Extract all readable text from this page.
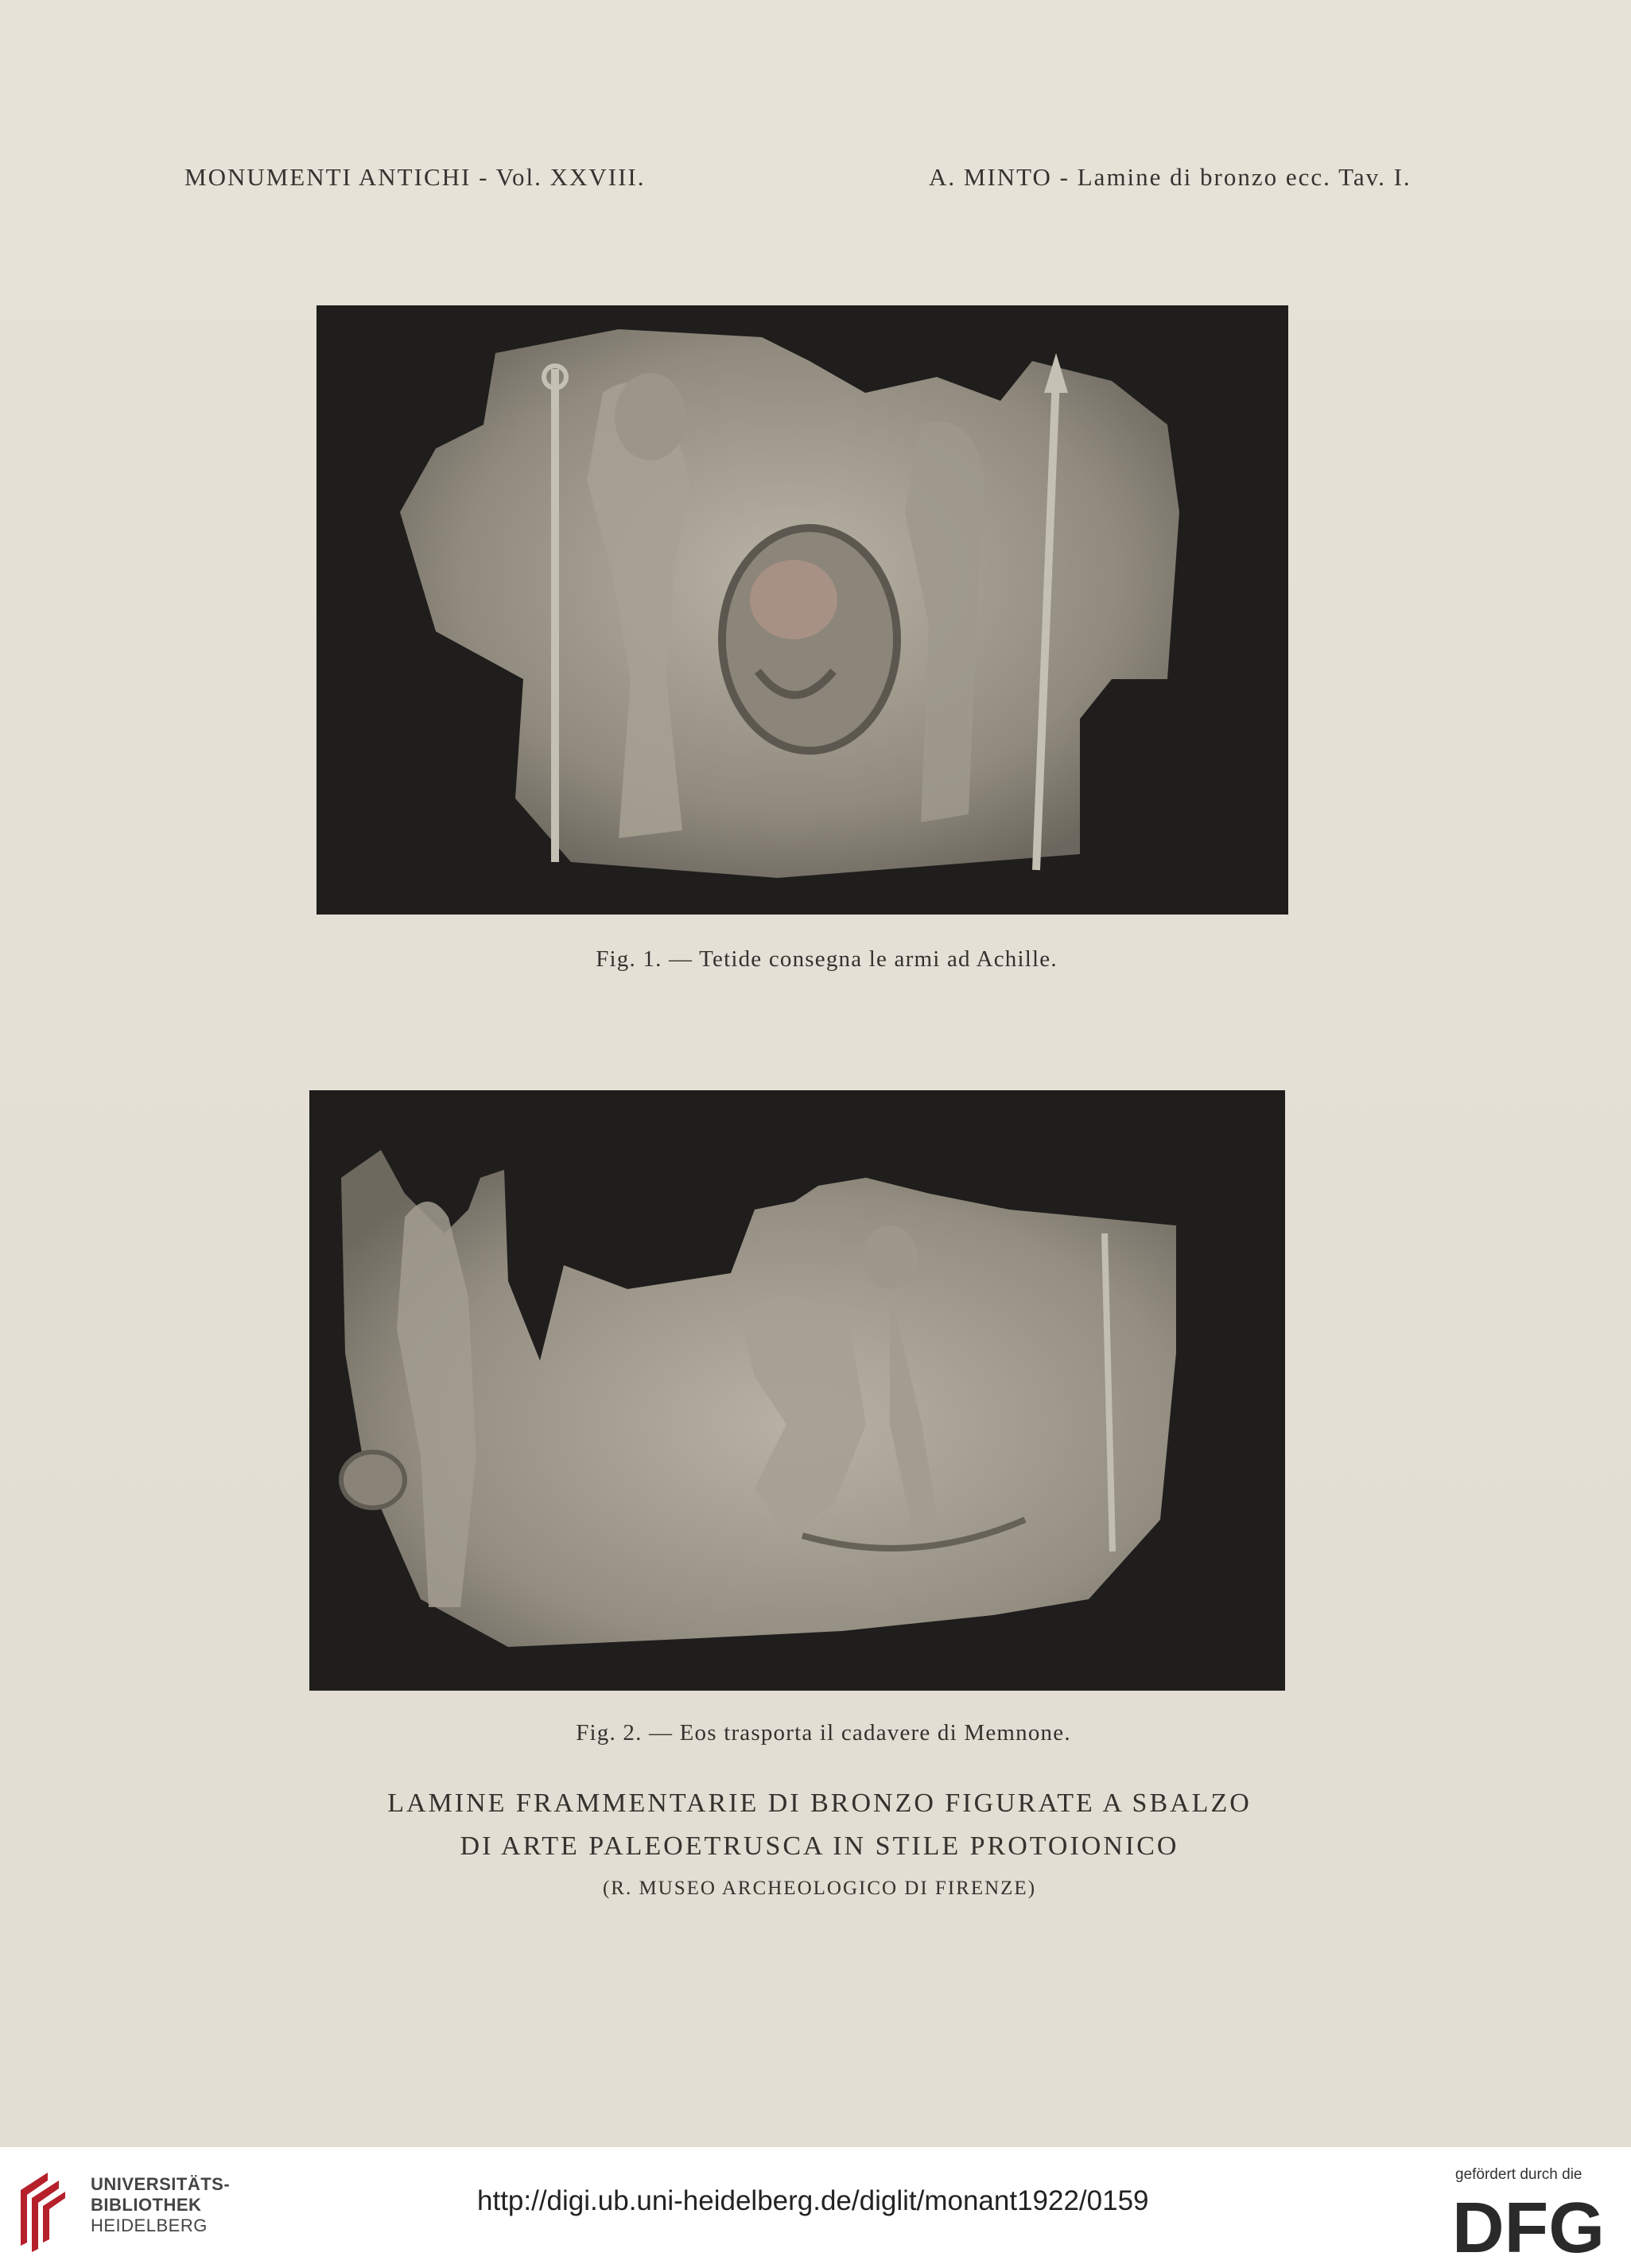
MONUMENTI ANTICHI - Vol. XXVIII.	A. MINTO - Lamine di bronzo ecc. Tav. I.
Fig. 1. — Tetide consegna le armi ad Achille.
Fig. 2. — Eos trasporta il cadavere di Memnone.
LAMINE FRAMMENTARIE DI BRONZO FIGURATE A SBALZO
DI ARTE PALEOETRUSCA IN STILE PROTOIONICO
(R. MUSEO ARCHEOLOGICO DI FIRENZE)
UNIVERSITÄTS-
BIBLIOTHEK
HEIDELBERG
http://digi.ub.uni-heidelberg.de/diglit/monant1922/0159
gefördert durch die
DFG
